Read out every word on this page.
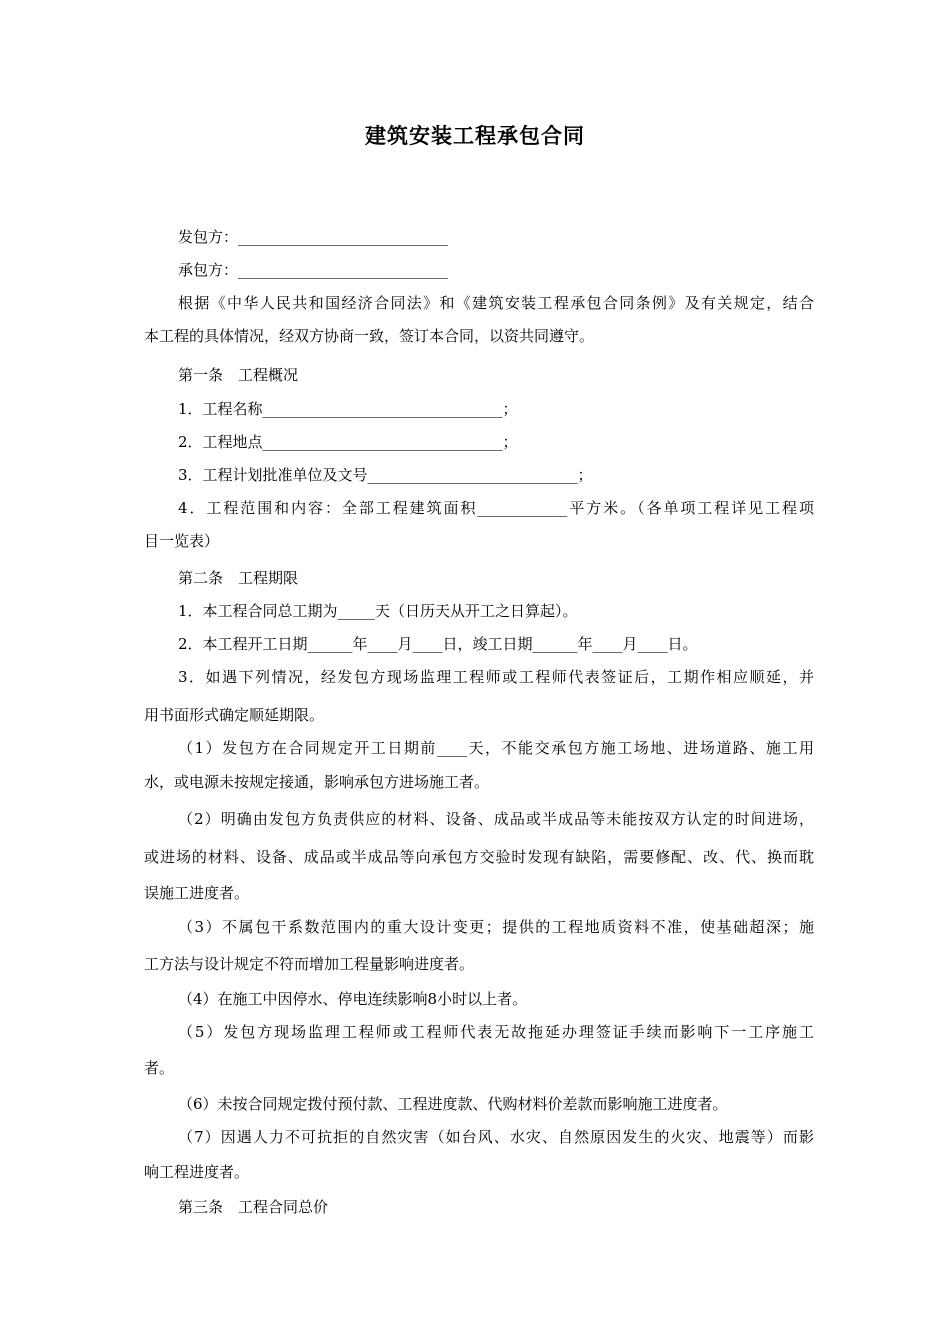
建筑安装工程承包合同
发包方：____________________________
承包方：____________________________
根据《中华人民共和国经济合同法》和《建筑安装工程承包合同条例》及有关规定，结合
本工程的具体情况，经双方协商一致，签订本合同，以资共同遵守。
第一条　工程概况
1．工程名称________________________________；
2．工程地点________________________________；
3．工程计划批准单位及文号____________________________；
4．工程范围和内容：全部工程建筑面积____________平方米。（各单项工程详见工程项
目一览表）
第二条　工程期限
1．本工程合同总工期为_____天（日历天从开工之日算起）。
2．本工程开工日期______年____月____日，竣工日期______年____月____日。
3．如遇下列情况，经发包方现场监理工程师或工程师代表签证后，工期作相应顺延，并
用书面形式确定顺延期限。
（1）发包方在合同规定开工日期前____天，不能交承包方施工场地、进场道路、施工用
水，或电源未按规定接通，影响承包方进场施工者。
（2）明确由发包方负责供应的材料、设备、成品或半成品等未能按双方认定的时间进场，
或进场的材料、设备、成品或半成品等向承包方交验时发现有缺陷，需要修配、改、代、换而耽
误施工进度者。
（3）不属包干系数范围内的重大设计变更；提供的工程地质资料不准，使基础超深；施
工方法与设计规定不符而增加工程量影响进度者。
（4）在施工中因停水、停电连续影响8小时以上者。
（5）发包方现场监理工程师或工程师代表无故拖延办理签证手续而影响下一工序施工
者。
（6）未按合同规定拨付预付款、工程进度款、代购材料价差款而影响施工进度者。
（7）因遇人力不可抗拒的自然灾害（如台风、水灾、自然原因发生的火灾、地震等）而影
响工程进度者。
第三条　工程合同总价
